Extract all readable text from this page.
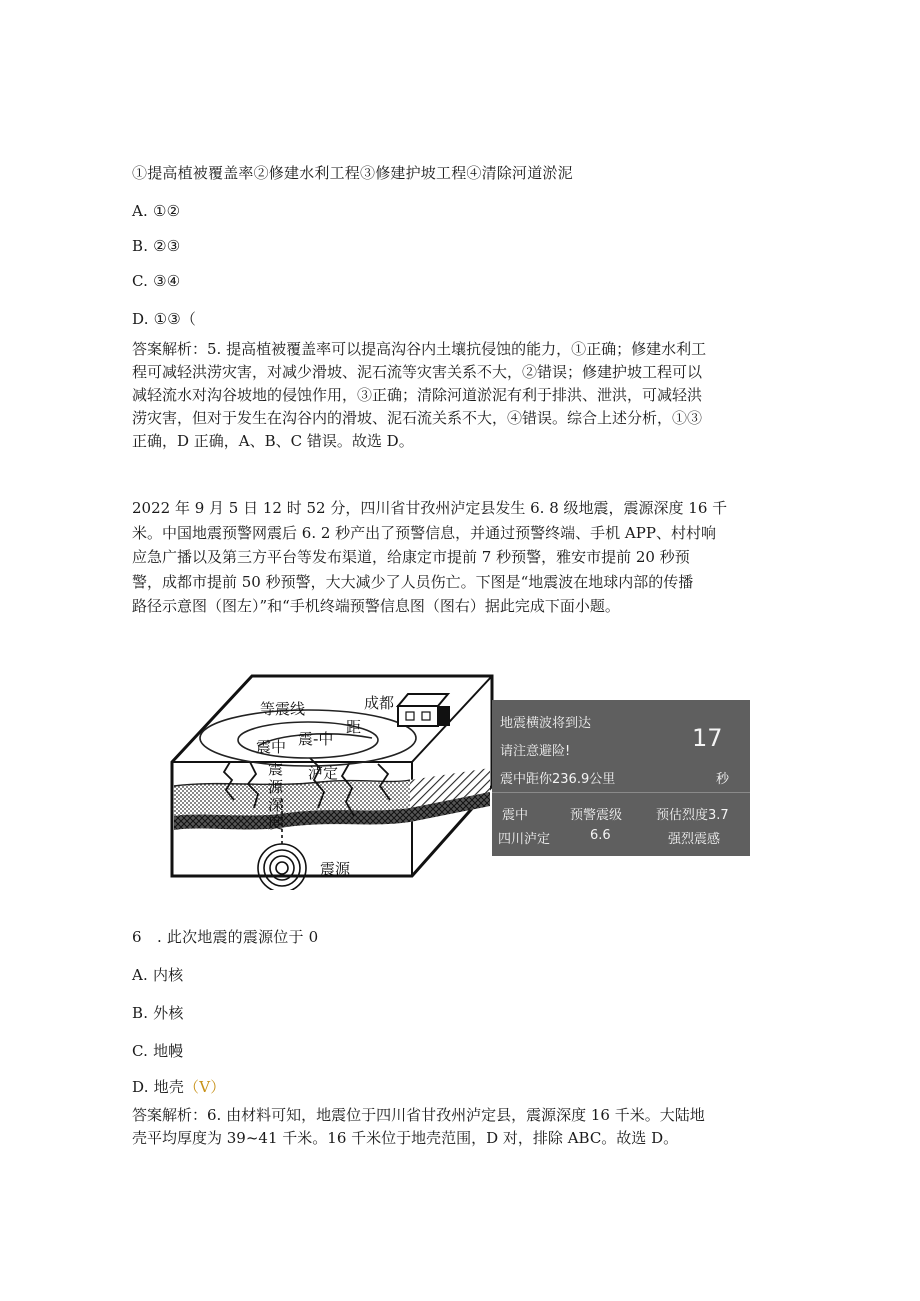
①提高植被覆盖率②修建水利工程③修建护坡工程④清除河道淤泥
A. ①②
B. ②③
C. ③④
D. ①③（
答案解析：5. 提高植被覆盖率可以提高沟谷内土壤抗侵蚀的能力，①正确；修建水利工
程可减轻洪涝灾害，对减少滑坡、泥石流等灾害关系不大，②错误；修建护坡工程可以
减轻流水对沟谷坡地的侵蚀作用，③正确；清除河道淤泥有利于排洪、泄洪，可减轻洪
涝灾害，但对于发生在沟谷内的滑坡、泥石流关系不大，④错误。综合上述分析，①③
正确，D 正确，A、B、C 错误。故选 D。
2022 年 9 月 5 日 12 时 52 分，四川省甘孜州泸定县发生 6. 8 级地震，震源深度 16 千
米。中国地震预警网震后 6. 2 秒产出了预警信息，并通过预警终端、手机 APP、村村响
应急广播以及第三方平台等发布渠道，给康定市提前 7 秒预警，雅安市提前 20 秒预
警，成都市提前 50 秒预警，大大减少了人员伤亡。下图是“地震波在地球内部的传播
路径示意图（图左）”和“手机终端预警信息图（图右）据此完成下面小题。
等震线	成都
震中 震-中
距
泸定
震
源
深
度
震源
地震横波将到达
请注意避险!
震中距你236.9公里
17
秒
震中	预警震级	预估烈度3.7
四川泸定	6.6	强烈震感
6　. 此次地震的震源位于 0
A. 内核
B. 外核
C. 地幔
D. 地壳（V）
答案解析：6. 由材料可知，地震位于四川省甘孜州泸定县，震源深度 16 千米。大陆地
壳平均厚度为 39~41 千米。16 千米位于地壳范围，D 对，排除 ABC。故选 D。
